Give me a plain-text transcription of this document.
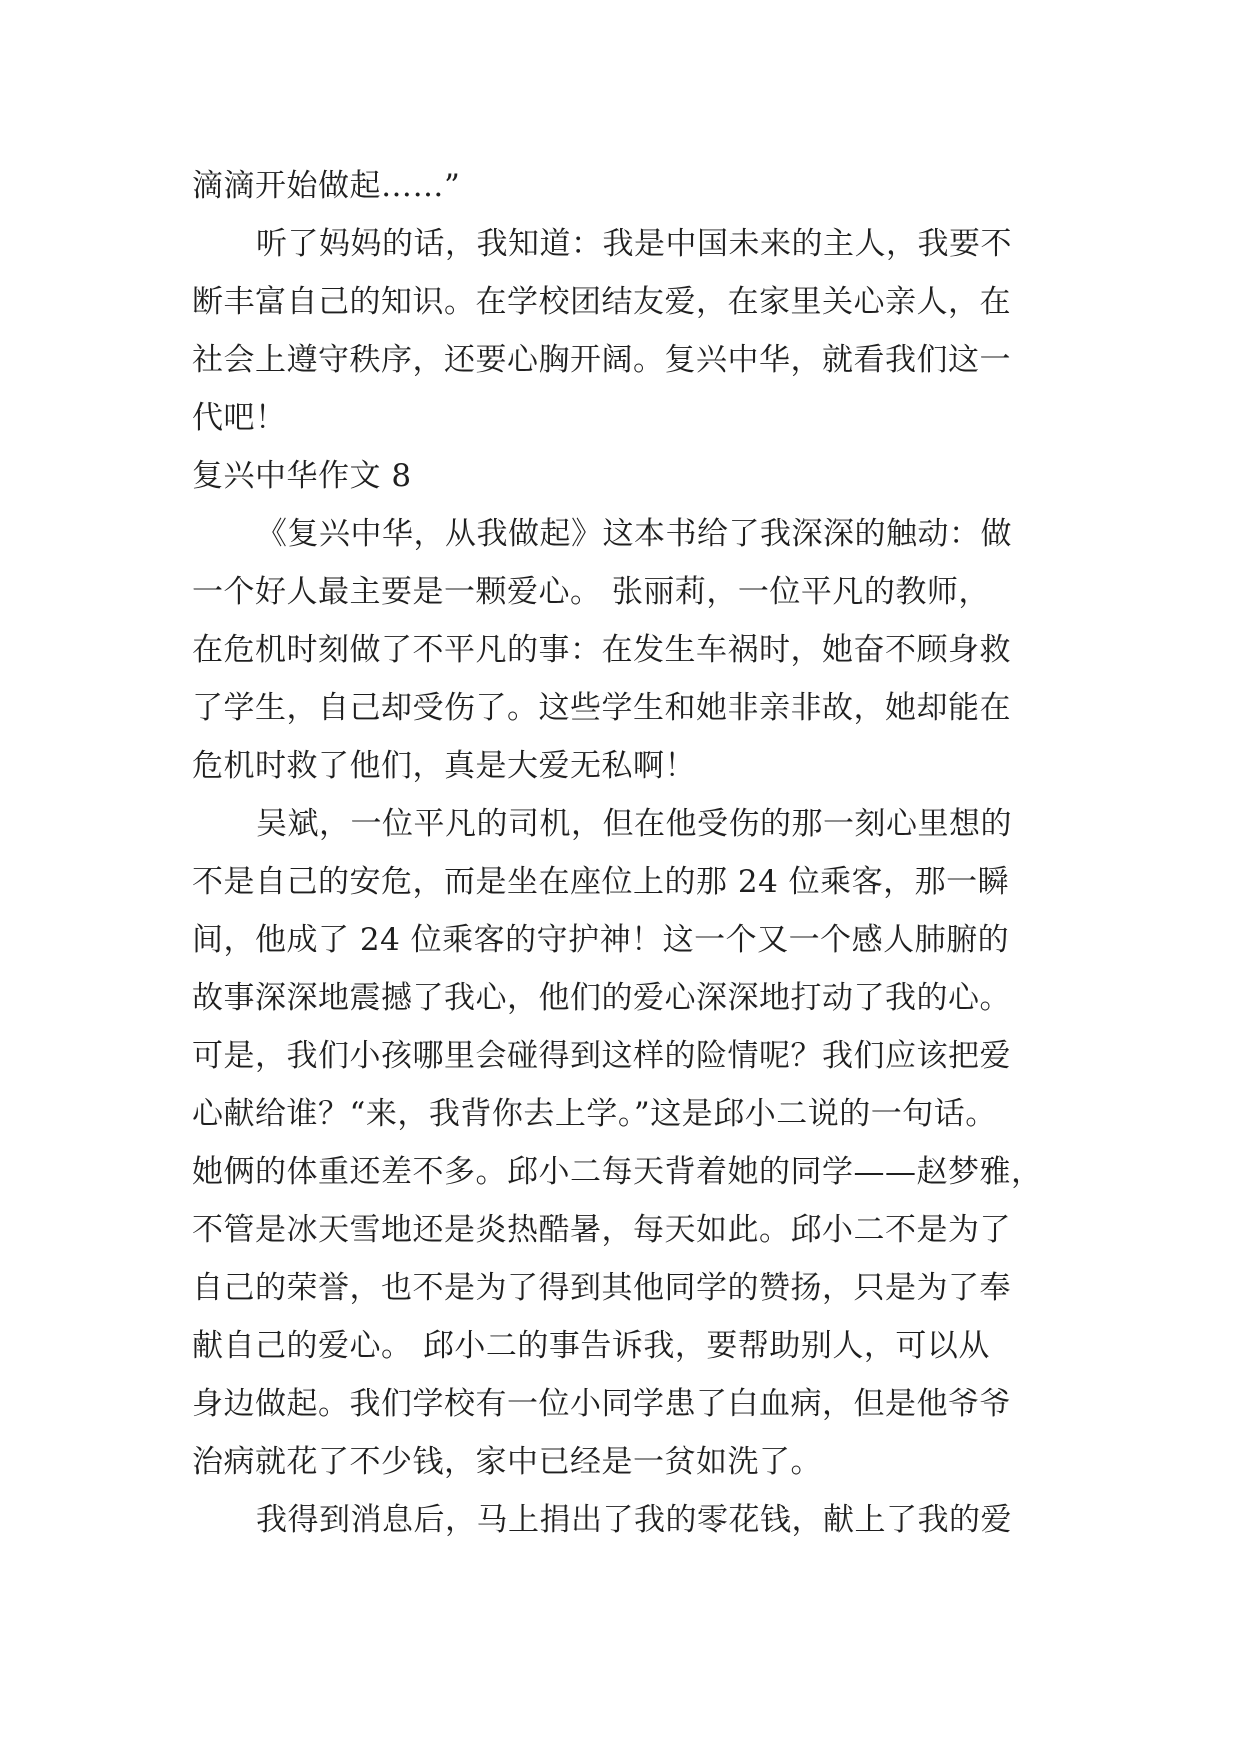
滴滴开始做起……”
听了妈妈的话，我知道：我是中国未来的主人，我要不
断丰富自己的知识。在学校团结友爱，在家里关心亲人，在
社会上遵守秩序，还要心胸开阔。复兴中华，就看我们这一
代吧！
复兴中华作文 8
《复兴中华，从我做起》这本书给了我深深的触动：做
一个好人最主要是一颗爱心。 张丽莉，一位平凡的教师，
在危机时刻做了不平凡的事：在发生车祸时，她奋不顾身救
了学生，自己却受伤了。这些学生和她非亲非故，她却能在
危机时救了他们，真是大爱无私啊！
吴斌，一位平凡的司机，但在他受伤的那一刻心里想的
不是自己的安危，而是坐在座位上的那 24 位乘客，那一瞬
间，他成了 24 位乘客的守护神！这一个又一个感人肺腑的
故事深深地震撼了我心，他们的爱心深深地打动了我的心。
可是，我们小孩哪里会碰得到这样的险情呢？我们应该把爱
心献给谁？“来，我背你去上学。”这是邱小二说的一句话。
她俩的体重还差不多。邱小二每天背着她的同学——赵梦雅，
不管是冰天雪地还是炎热酷暑，每天如此。邱小二不是为了
自己的荣誉，也不是为了得到其他同学的赞扬，只是为了奉
献自己的爱心。 邱小二的事告诉我，要帮助别人，可以从
身边做起。我们学校有一位小同学患了白血病，但是他爷爷
治病就花了不少钱，家中已经是一贫如洗了。
我得到消息后，马上捐出了我的零花钱，献上了我的爱
